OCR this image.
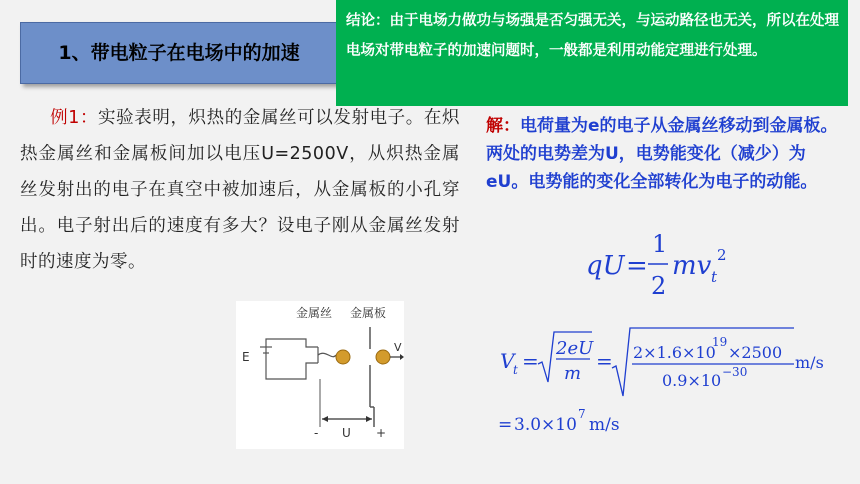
1、带电粒子在电场中的加速
结论：由于电场力做功与场强是否匀强无关，与运动路径也无关，所以在处理电场对带电粒子的加速问题时，一般都是利用动能定理进行处理。
例1：实验表明，炽热的金属丝可以发射电子。在炽热金属丝和金属板间加以电压U=2500V，从炽热金属丝发射出的电子在真空中被加速后，从金属板的小孔穿出。电子射出后的速度有多大？设电子刚从金属丝发射时的速度为零。
解：电荷量为e的电子从金属丝移动到金属板。两处的电势差为U，电势能变化（减少）为eU。电势能的变化全部转化为电子的动能。
qU =
1
2
mv t
2
V
t =
2eU
m
= 2×1.6×10
19
×2500
0.9×10 −30	m/s
= 3.0×10
7
m/s
金属丝 金属板
E
V
- U +
